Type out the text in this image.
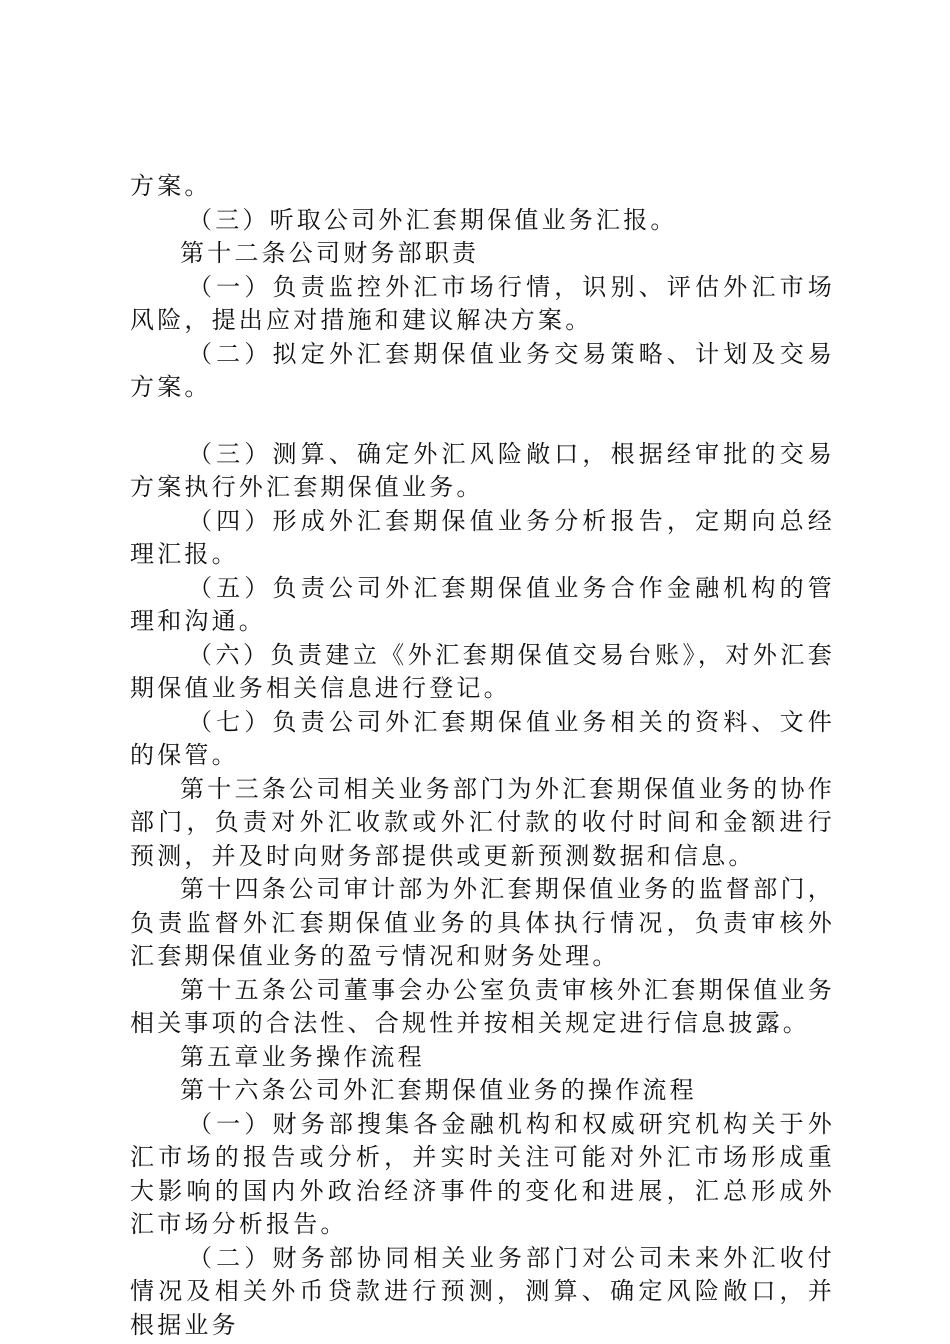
方案。

（三）听取公司外汇套期保值业务汇报。

第十二条公司财务部职责

（一）负责监控外汇市场行情，识别、评估外汇市场风险，提出应对措施和建议解决方案。

（二）拟定外汇套期保值业务交易策略、计划及交易方案。

（三）测算、确定外汇风险敞口，根据经审批的交易方案执行外汇套期保值业务。

（四）形成外汇套期保值业务分析报告，定期向总经理汇报。

（五）负责公司外汇套期保值业务合作金融机构的管理和沟通。

（六）负责建立《外汇套期保值交易台账》，对外汇套期保值业务相关信息进行登记。

（七）负责公司外汇套期保值业务相关的资料、文件的保管。

第十三条公司相关业务部门为外汇套期保值业务的协作部门，负责对外汇收款或外汇付款的收付时间和金额进行预测，并及时向财务部提供或更新预测数据和信息。

第十四条公司审计部为外汇套期保值业务的监督部门，负责监督外汇套期保值业务的具体执行情况，负责审核外汇套期保值业务的盈亏情况和财务处理。

第十五条公司董事会办公室负责审核外汇套期保值业务相关事项的合法性、合规性并按相关规定进行信息披露。

第五章业务操作流程

第十六条公司外汇套期保值业务的操作流程

（一）财务部搜集各金融机构和权威研究机构关于外汇市场的报告或分析，并实时关注可能对外汇市场形成重大影响的国内外政治经济事件的变化和进展，汇总形成外汇市场分析报告。

（二）财务部协同相关业务部门对公司未来外汇收付情况及相关外币贷款进行预测，测算、确定风险敞口，并根据业务
